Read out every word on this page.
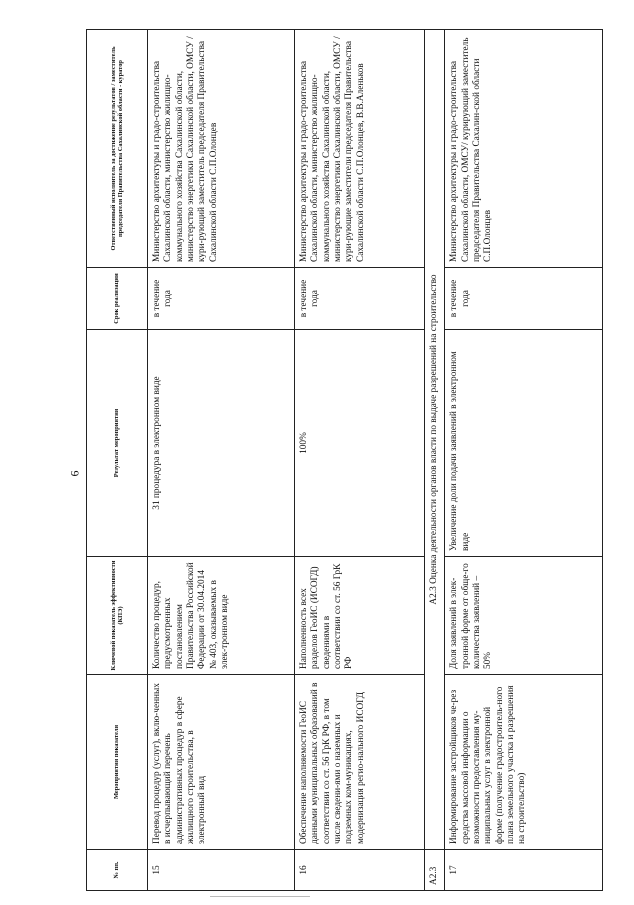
6
№ пп.	Мероприятия показателя	Ключевой показатель эффективности (КПЭ)	Результат мероприятия	Срок реализации	Ответственный исполнитель за достижение результатов / заместитель председателя Правительства Сахалинской области - куратор
15	Перевод процедур (услуг), вклю-ченных в исчерпывающий перечень административных процедур в сфере жилищного строительства, в электронный вид	Количество процедур, предусмотренных постановлением Правительства Российской Федерации от 30.04.2014 № 403, оказываемых в элек-тронном виде	31 процедура в электронном виде	в течение года	Министерство архитектуры и градо-строительства Сахалинской области, министерство жилищно-коммунального хозяйства Сахалинской области, министерство энергетики Сахалинской области, ОМСУ / кури-рующий заместитель председателя Правительства Сахалинской области С.П.Олонцев
16	Обеспечение наполняемости ГеоИС данными муниципальных образований в соответствии со ст. 56 ГрК РФ, в том числе сведени-ями о наземных и подземных ком-муникациях, модернизация регио-нального ИСОГД	Наполненность всех разделов ГеоИС (ИСОГД) сведениями в соответствии со ст. 56 ГрК РФ	100%	в течение года	Министерство архитектуры и градо-строительства Сахалинской области, министерство жилищно-коммунального хозяйства Сахалинской области, министерство энергетики Сахалинской области, ОМСУ / кури-рующие заместители председателя Правительства Сахалинской области С.П.Олонцев, В.В.Аленьков
А2.3	А2.3 Оценка деятельности органов власти по выдаче разрешений на строительство				
17	Информирование застройщиков че-рез средства массовой информации о возможности предоставления му-ниципальных услуг в электронной форме (получение градостроитель-ного плана земельного участка и разрешения на строительство)	Доля заявлений в элек-тронной форме от обще-го количества заявлений – 50%	Увеличение доли подачи заявлений в электронном виде	в течение года	Министерство архитектуры и градо-строительства Сахалинской области, ОМСУ/ курирующий заместитель председателя Правительства Сахалин-ской области С.П.Олонцев
